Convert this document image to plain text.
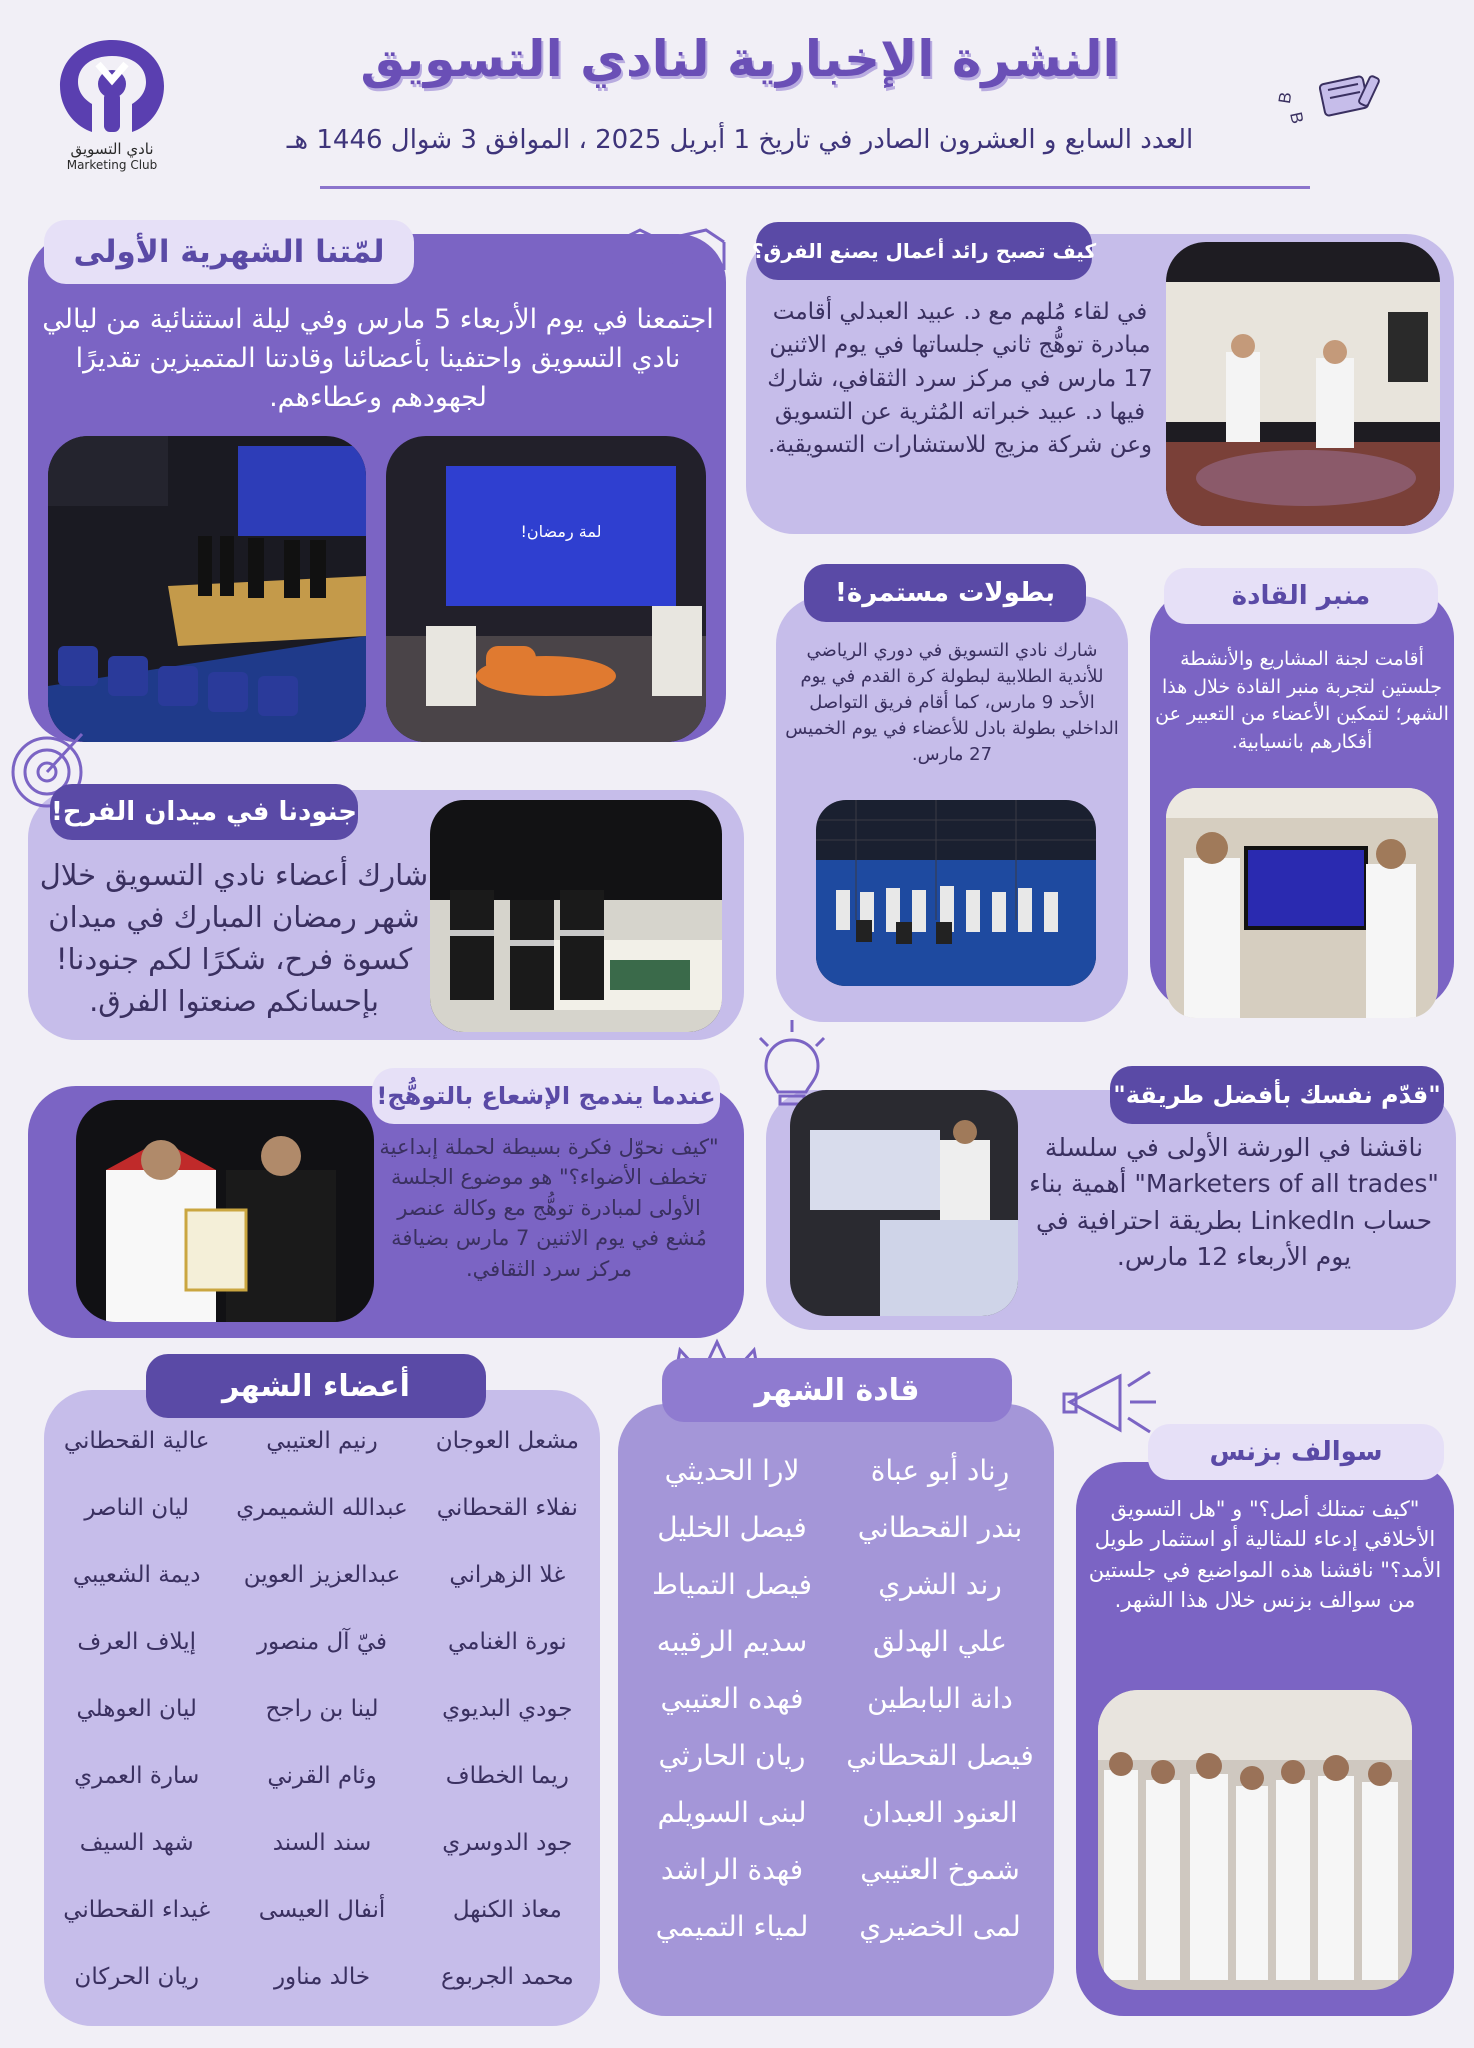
نادي التسويق
Marketing Club
النشرة الإخبارية لنادي التسويق
العدد السابع و العشرون الصادر في تاريخ 1 أبريل 2025 ، الموافق 3 شوال 1446 هـ
B
B
لمّتنا الشهرية الأولى
اجتمعنا في يوم الأربعاء 5 مارس وفي ليلة استثنائية من ليالي نادي التسويق واحتفينا بأعضائنا وقادتنا المتميزين تقديرًا لجهودهم وعطاءهم.
لمة رمضان!
كيف تصبح رائد أعمال يصنع الفرق؟
في لقاء مُلهم مع د. عبيد العبدلي أقامت مبادرة توهُّج ثاني جلساتها في يوم الاثنين 17 مارس في مركز سرد الثقافي، شارك فيها د. عبيد خبراته المُثرية عن التسويق وعن شركة مزيج للاستشارات التسويقية.
بطولات مستمرة!
شارك نادي التسويق في دوري الرياضي للأندية الطلابية لبطولة كرة القدم في يوم الأحد 9 مارس، كما أقام فريق التواصل الداخلي بطولة بادل للأعضاء في يوم الخميس 27 مارس.
منبر القادة
أقامت لجنة المشاريع والأنشطة جلستين لتجربة منبر القادة خلال هذا الشهر؛ لتمكين الأعضاء من التعبير عن أفكارهم بانسيابية.
جنودنا في ميدان الفرح!
شارك أعضاء نادي التسويق خلال شهر رمضان المبارك في ميدان كسوة فرح، شكرًا لكم جنودنا! بإحسانكم صنعتوا الفرق.
عندما يندمج الإشعاع بالتوهُّج!
"كيف نحوّل فكرة بسيطة لحملة إبداعية تخطف الأضواء؟" هو موضوع الجلسة الأولى لمبادرة توهُّج مع وكالة عنصر مُشع في يوم الاثنين 7 مارس بضيافة مركز سرد الثقافي.
"قدّم نفسك بأفضل طريقة"
ناقشنا في الورشة الأولى في سلسلة "Marketers of all trades" أهمية بناء حساب LinkedIn بطريقة احترافية في يوم الأربعاء 12 مارس.
أعضاء الشهر
مشعل العوجان
رنيم العتيبي
عالية القحطاني
نفلاء القحطاني
عبدالله الشميمري
ليان الناصر
غلا الزهراني
عبدالعزيز العوين
ديمة الشعيبي
نورة الغنامي
فيّ آل منصور
إيلاف العرف
جودي البديوي
لينا بن راجح
ليان العوهلي
ريما الخطاف
وئام القرني
سارة العمري
جود الدوسري
سند السند
شهد السيف
معاذ الكنهل
أنفال العيسى
غيداء القحطاني
محمد الجربوع
خالد مناور
ريان الحركان
قادة الشهر
رِناد أبو عباة
لارا الحديثي
بندر القحطاني
فيصل الخليل
رند الشري
فيصل التمياط
علي الهدلق
سديم الرقيبه
دانة البابطين
فهده العتيبي
فيصل القحطاني
ريان الحارثي
العنود العبدان
لبنى السويلم
شموخ العتيبي
فهدة الراشد
لمى الخضيري
لمياء التميمي
سوالف بزنس
"كيف تمتلك أصل؟" و "هل التسويق الأخلاقي إدعاء للمثالية أو استثمار طويل الأمد؟" ناقشنا هذه المواضيع في جلستين من سوالف بزنس خلال هذا الشهر.
